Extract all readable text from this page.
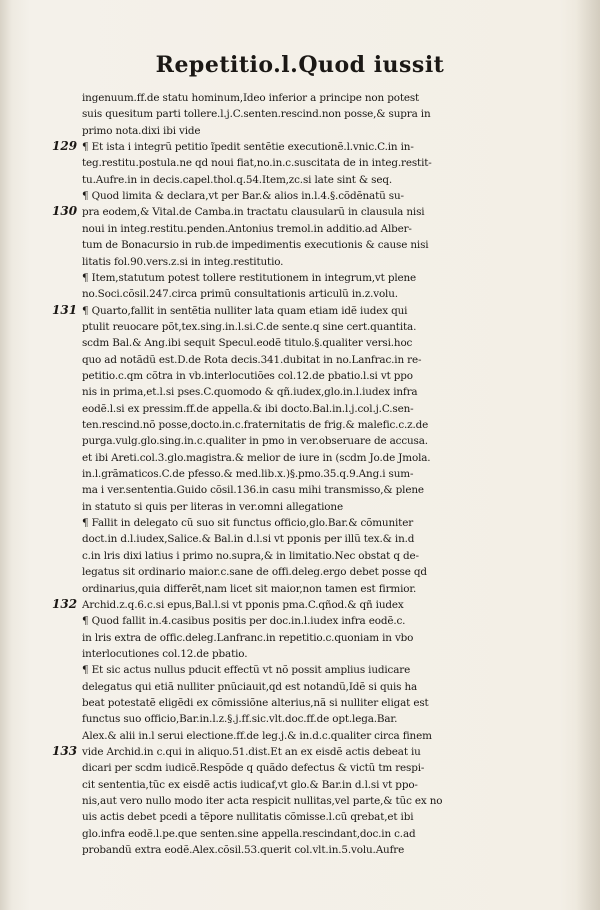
Repetitio.l.Quod iussit
129
130
131
132
133
ingenuum.ff.de statu hominum,Ideo inferior a principe non potest
suis quesitum parti tollere.l.j.C.senten.rescind.non posse,& supra in
primo nota.dixi ibi vide
¶ Et ista i integrũ petitio ĩpedit sentẽtie executionẽ.l.vnic.C.in in-
teg.restitu.postula.ne qd noui fiat,no.in.c.suscitata de in integ.restit-
tu.Aufre.in in decis.capel.thol.q.54.Item,zc.si late sint & seq.
¶ Quod limita & declara,vt per Bar.& alios in.l.4.§.cõdẽnatũ su-
pra eodem,& Vital.de Camba.in tractatu clausularũ in clausula nisi
noui in integ.restitu.penden.Antonius tremol.in additio.ad Alber-
tum de Bonacursio in rub.de impedimentis executionis & cause nisi
litatis fol.90.vers.z.si in integ.restitutio.
¶ Item,statutum potest tollere restitutionem in integrum,vt plene
no.Soci.cõsil.247.circa primũ consultationis articulũ in.z.volu.
¶ Quarto,fallit in sentẽtia nulliter lata quam etiam idẽ iudex qui
ptulit reuocare põt,tex.sing.in.l.si.C.de sente.q sine cert.quantita.
scdm Bal.& Ang.ibi sequit Specul.eodẽ titulo.§.qualiter versi.hoc
quo ad notãdũ est.D.de Rota decis.341.dubitat in no.Lanfrac.in re-
petitio.c.qm cõtra in vb.interlocutiões col.12.de pbatio.l.si vt ppo
nis in prima,et.l.si pses.C.quomodo & qñ.iudex,glo.in.l.iudex infra
eodẽ.l.si ex pressim.ff.de appella.& ibi docto.Bal.in.l.j.col.j.C.sen-
ten.rescind.nõ posse,docto.in.c.fraternitatis de frig.& malefic.c.z.de
purga.vulg.glo.sing.in.c.qualiter in pmo in ver.obseruare de accusa.
et ibi Areti.col.3.glo.magistra.& melior de iure in (scdm Jo.de Jmola.
in.l.grãmaticos.C.de pfesso.& med.lib.x.)§.pmo.35.q.9.Ang.i sum-
ma i ver.sententia.Guido cõsil.136.in casu mihi transmisso,& plene
in statuto si quis per literas in ver.omni allegatione
¶ Fallit in delegato cũ suo sit functus officio,glo.Bar.& cõmuniter
doct.in d.l.iudex,Salice.& Bal.in d.l.si vt pponis per illũ tex.& in.d
c.in lris dixi latius i primo no.supra,& in limitatio.Nec obstat q de-
legatus sit ordinario maior.c.sane de offi.deleg.ergo debet posse qd
ordinarius,quia differẽt,nam licet sit maior,non tamen est firmior.
Archid.z.q.6.c.si epus,Bal.l.si vt pponis pma.C.qñod.& qñ iudex
¶ Quod fallit in.4.casibus positis per doc.in.l.iudex infra eodẽ.c.
in lris extra de offic.deleg.Lanfranc.in repetitio.c.quoniam in vbo
interlocutiones col.12.de pbatio.
¶ Et sic actus nullus pducit effectũ vt nõ possit amplius iudicare
delegatus qui etiã nulliter pnũciauit,qd est notandũ,Idẽ si quis ha
beat potestatẽ eligẽdi ex cõmissiõne alterius,nã si nulliter eligat est
functus suo officio,Bar.in.l.z.§.j.ff.sic.vlt.doc.ff.de opt.lega.Bar.
Alex.& alii in.l serui electione.ff.de leg.j.& in.d.c.qualiter circa finem
vide Archid.in c.qui in aliquo.51.dist.Et an ex eisdẽ actis debeat iu
dicari per scdm iudicẽ.Respõde q quãdo defectus & victũ tm respi-
cit sententia,tũc ex eisdẽ actis iudicaf,vt glo.& Bar.in d.l.si vt ppo-
nis,aut vero nullo modo iter acta respicit nullitas,vel parte,& tũc ex no
uis actis debet pcedi a tẽpore nullitatis cõmisse.l.cũ qrebat,et ibi
glo.infra eodẽ.l.pe.que senten.sine appella.rescindant,doc.in c.ad
probandũ extra eodẽ.Alex.cõsil.53.querit col.vlt.in.5.volu.Aufre
